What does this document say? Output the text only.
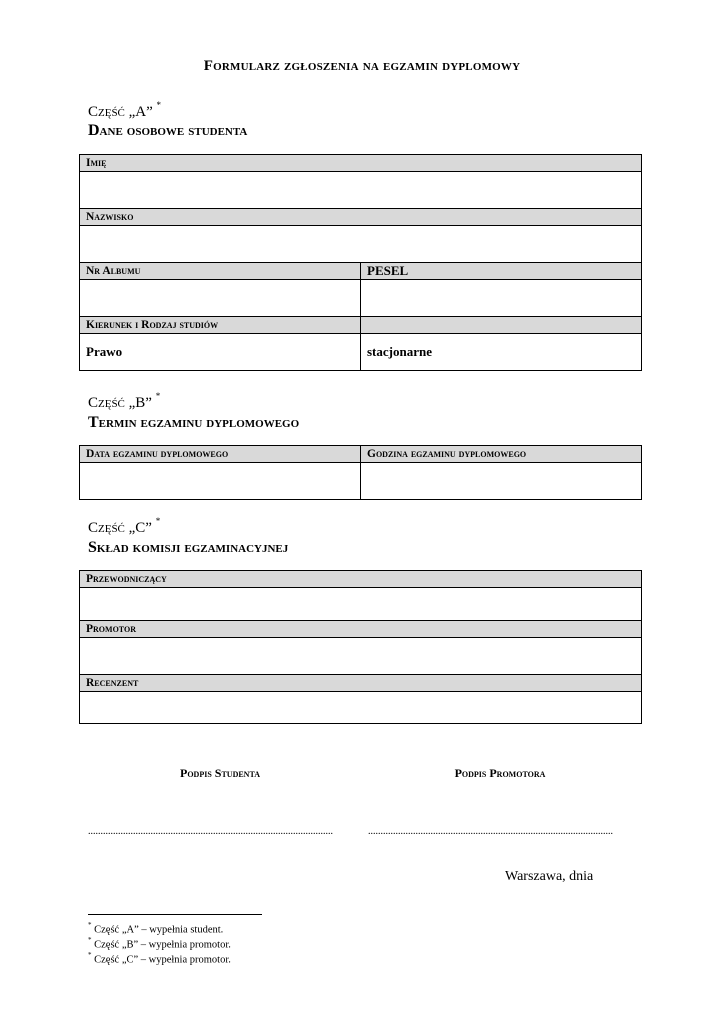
Formularz zgłoszenia na egzamin dyplomowy
Część „A” *
Dane osobowe studenta
Imię	

Nazwisko	

Nr Albumu	PESEL

Kierunek i Rodzaj studiów	
Prawo	stacjonarne
Część „B” *
Termin egzaminu dyplomowego
Data egzaminu dyplomowego	Godzina egzaminu dyplomowego

Część „C” *
Skład komisji egzaminacyjnej
Przewodniczący

Promotor

Recenzent

Podpis Studenta	Podpis Promotora
..................................................................................................	..................................................................................................
Warszawa, dnia
* Część „A” – wypełnia student.
* Część „B” – wypełnia promotor.
* Część „C” – wypełnia promotor.
